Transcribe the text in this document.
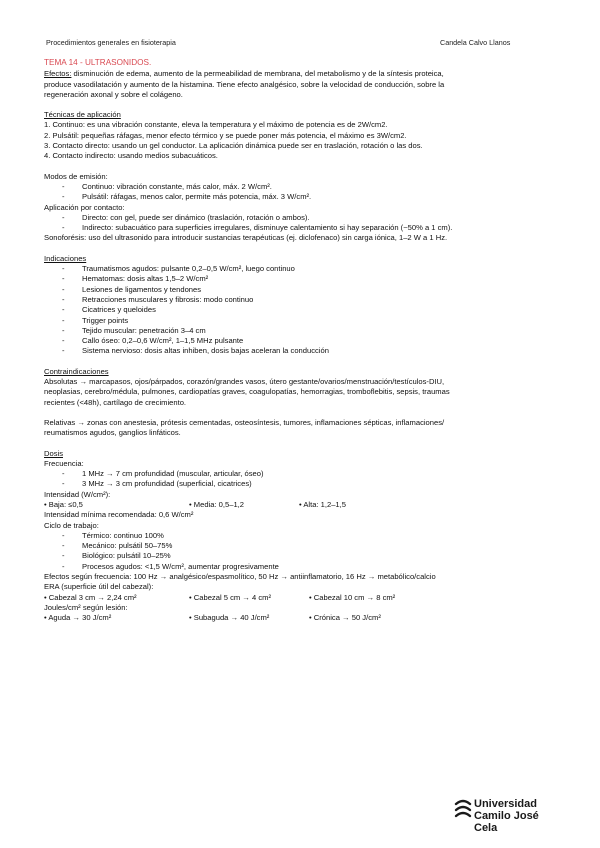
Procedimientos generales en fisioterapia	Candela Calvo Llanos
TEMA 14 - ULTRASONIDOS.
Efectos: disminución de edema, aumento de la permeabilidad de membrana, del metabolismo y de la síntesis proteica,
produce vasodilatación y aumento de la histamina. Tiene efecto analgésico, sobre la velocidad de conducción, sobre la
regeneración axonal y sobre el colágeno.
Técnicas de aplicación
1. Continuo: es una vibración constante, eleva la temperatura y el máximo de potencia es de 2W/cm2.
2. Pulsátil: pequeñas ráfagas, menor efecto térmico y se puede poner más potencia, el máximo es 3W/cm2.
3. Contacto directo: usando un gel conductor. La aplicación dinámica puede ser en traslación, rotación o las dos.
4. Contacto indirecto: usando medios subacuáticos.
Modos de emisión:
- Continuo: vibración constante, más calor, máx. 2 W/cm².
- Pulsátil: ráfagas, menos calor, permite más potencia, máx. 3 W/cm².
Aplicación por contacto:
- Directo: con gel, puede ser dinámico (traslación, rotación o ambos).
- Indirecto: subacuático para superficies irregulares, disminuye calentamiento si hay separación (~50% a 1 cm).
Sonoforésis: uso del ultrasonido para introducir sustancias terapéuticas (ej. diclofenaco) sin carga iónica, 1–2 W a 1 Hz.
Indicaciones
- Traumatismos agudos: pulsante 0,2–0,5 W/cm², luego continuo
- Hematomas: dosis altas 1,5–2 W/cm²
- Lesiones de ligamentos y tendones
- Retracciones musculares y fibrosis: modo continuo
- Cicatrices y queloides
- Trigger points
- Tejido muscular: penetración 3–4 cm
- Callo óseo: 0,2–0,6 W/cm², 1–1,5 MHz pulsante
- Sistema nervioso: dosis altas inhiben, dosis bajas aceleran la conducción
Contraindicaciones
Absolutas → marcapasos, ojos/párpados, corazón/grandes vasos, útero gestante/ovarios/menstruación/testículos-DIU,
neoplasias, cerebro/médula, pulmones, cardiopatías graves, coagulopatías, hemorragias, tromboflebitis, sepsis, traumas
recientes (<48h), cartílago de crecimiento.
Relativas → zonas con anestesia, prótesis cementadas, osteosíntesis, tumores, inflamaciones sépticas, inflamaciones/
reumatismos agudos, ganglios linfáticos.
Dosis
Frecuencia:
- 1 MHz → 7 cm profundidad (muscular, articular, óseo)
- 3 MHz → 3 cm profundidad (superficial, cicatrices)
Intensidad (W/cm²):
• Baja: ≤0,5	• Media: 0,5–1,2	• Alta: 1,2–1,5
Intensidad mínima recomendada: 0,6 W/cm²
Ciclo de trabajo:
- Térmico: continuo 100%
- Mecánico: pulsátil 50–75%
- Biológico: pulsátil 10–25%
- Procesos agudos: <1,5 W/cm², aumentar progresivamente
Efectos según frecuencia: 100 Hz → analgésico/espasmolítico, 50 Hz → antiinflamatorio, 16 Hz → metabólico/calcio
ERA (superficie útil del cabezal):
• Cabezal 3 cm → 2,24 cm²	• Cabezal 5 cm → 4 cm²	• Cabezal 10 cm → 8 cm²
Joules/cm² según lesión:
• Aguda → 30 J/cm²	• Subaguda → 40 J/cm²	• Crónica → 50 J/cm²
Universidad
Camilo José Cela
